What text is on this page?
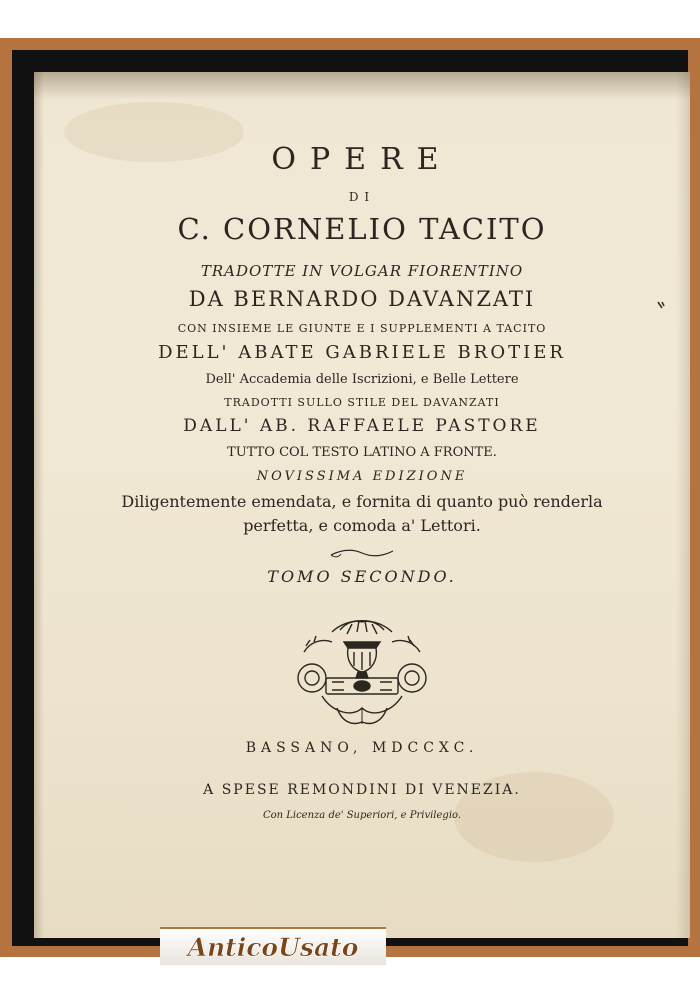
OPERE

DI

C. CORNELIO TACITO

TRADOTTE IN VOLGAR FIORENTINO

DA BERNARDO DAVANZATI

CON INSIEME LE GIUNTE E I SUPPLEMENTI A TACITO

DELL' ABATE GABRIELE BROTIER

Dell' Accademia delle Iscrizioni, e Belle Lettere

TRADOTTI SULLO STILE DEL DAVANZATI

DALL' AB. RAFFAELE PASTORE

TUTTO COL TESTO LATINO A FRONTE.

NOVISSIMA EDIZIONE

Diligentemente emendata, e fornita di quanto può renderla

perfetta, e comoda a' Lettori.

TOMO SECONDO.

BASSANO, MDCCXC.

A SPESE REMONDINI DI VENEZIA.

Con Licenza de' Superiori, e Privilegio.

AnticoUsato
